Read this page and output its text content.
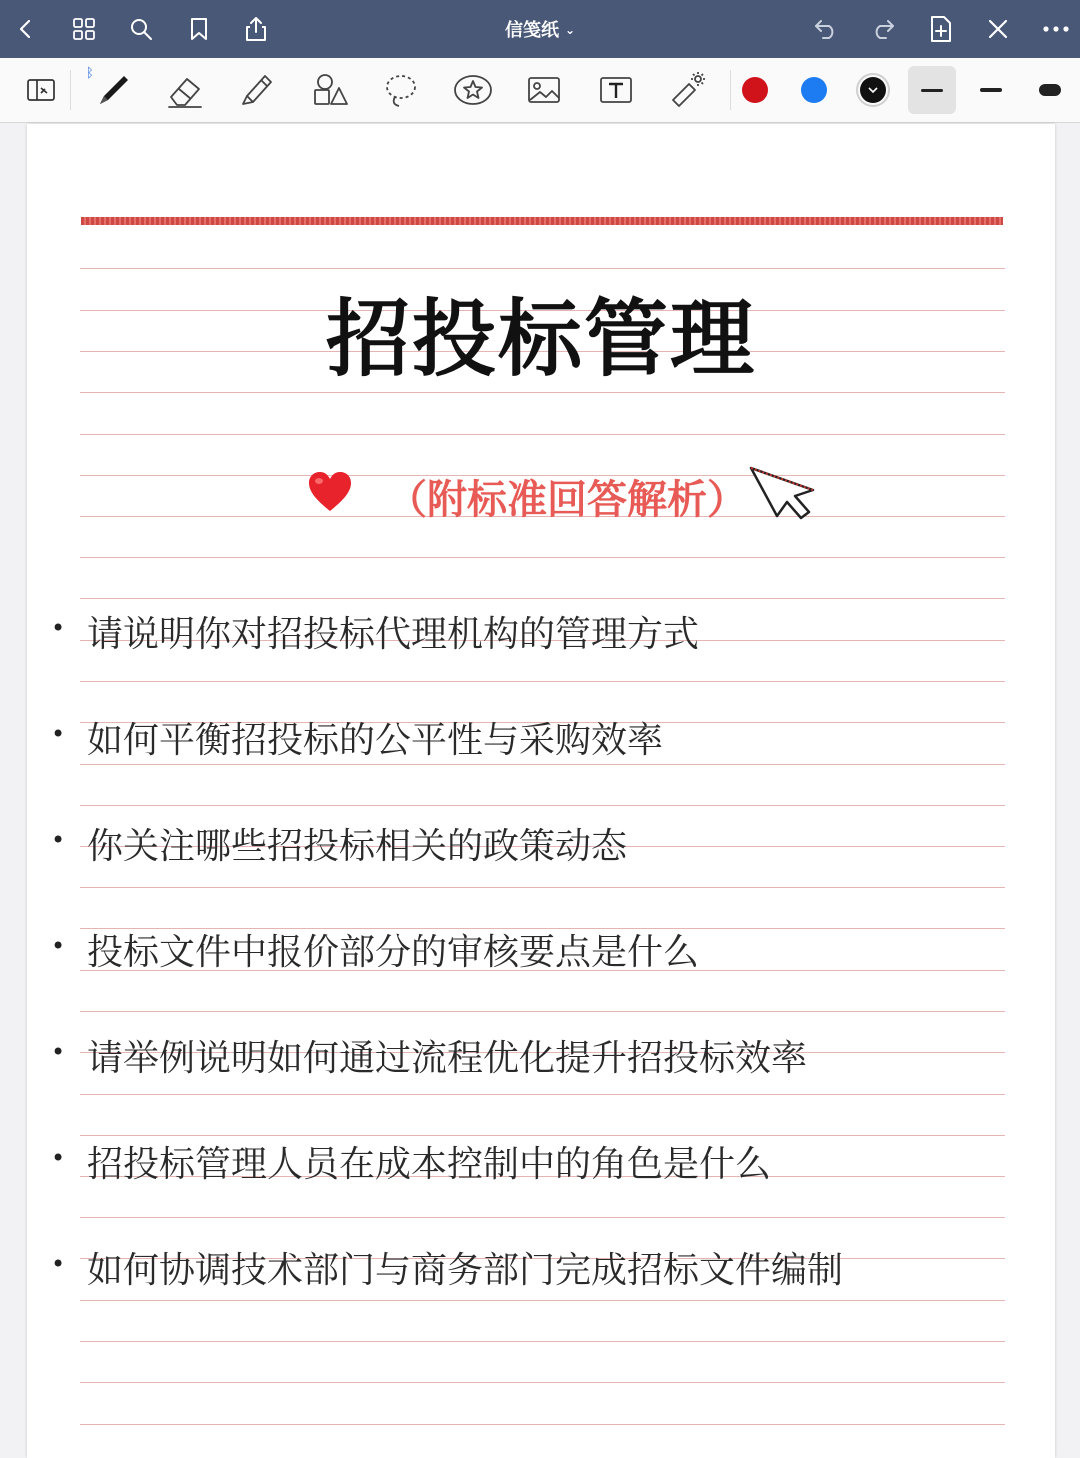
信笺纸 ⌄
ᛒ
招投标管理
（附标准回答解析）
• 请说明你对招投标代理机构的管理方式
• 如何平衡招投标的公平性与采购效率
• 你关注哪些招投标相关的政策动态
• 投标文件中报价部分的审核要点是什么
• 请举例说明如何通过流程优化提升招投标效率
• 招投标管理人员在成本控制中的角色是什么
• 如何协调技术部门与商务部门完成招标文件编制
